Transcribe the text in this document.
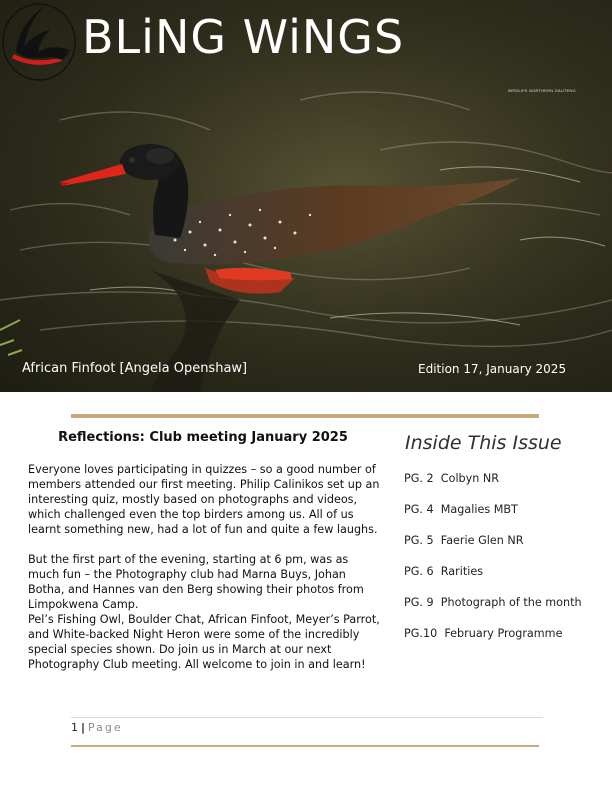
BLiNG WiNGS
BIRDLIFE NORTHERN GAUTENG
African Finfoot [Angela Openshaw]	Edition 17, January 2025
Reflections: Club meeting January 2025

Everyone loves participating in quizzes – so a good number of members attended our first meeting. Philip Calinikos set up an interesting quiz, mostly based on photographs and videos, which challenged even the top birders among us. All of us learnt something new, had a lot of fun and quite a few laughs.

But the first part of the evening, starting at 6 pm, was as much fun – the Photography club had Marna Buys, Johan Botha, and Hannes van den Berg showing their photos from Limpokwena Camp.

Pel’s Fishing Owl, Boulder Chat, African Finfoot, Meyer’s Parrot, and White-backed Night Heron were some of the incredibly special species shown. Do join us in March at our next Photography Club meeting. All welcome to join in and learn!

Inside This Issue
PG. 2 Colbyn NR
PG. 4 Magalies MBT
PG. 5 Faerie Glen NR
PG. 6 Rarities
PG. 9 Photograph of the month
PG.10 February Programme
1 | Page
